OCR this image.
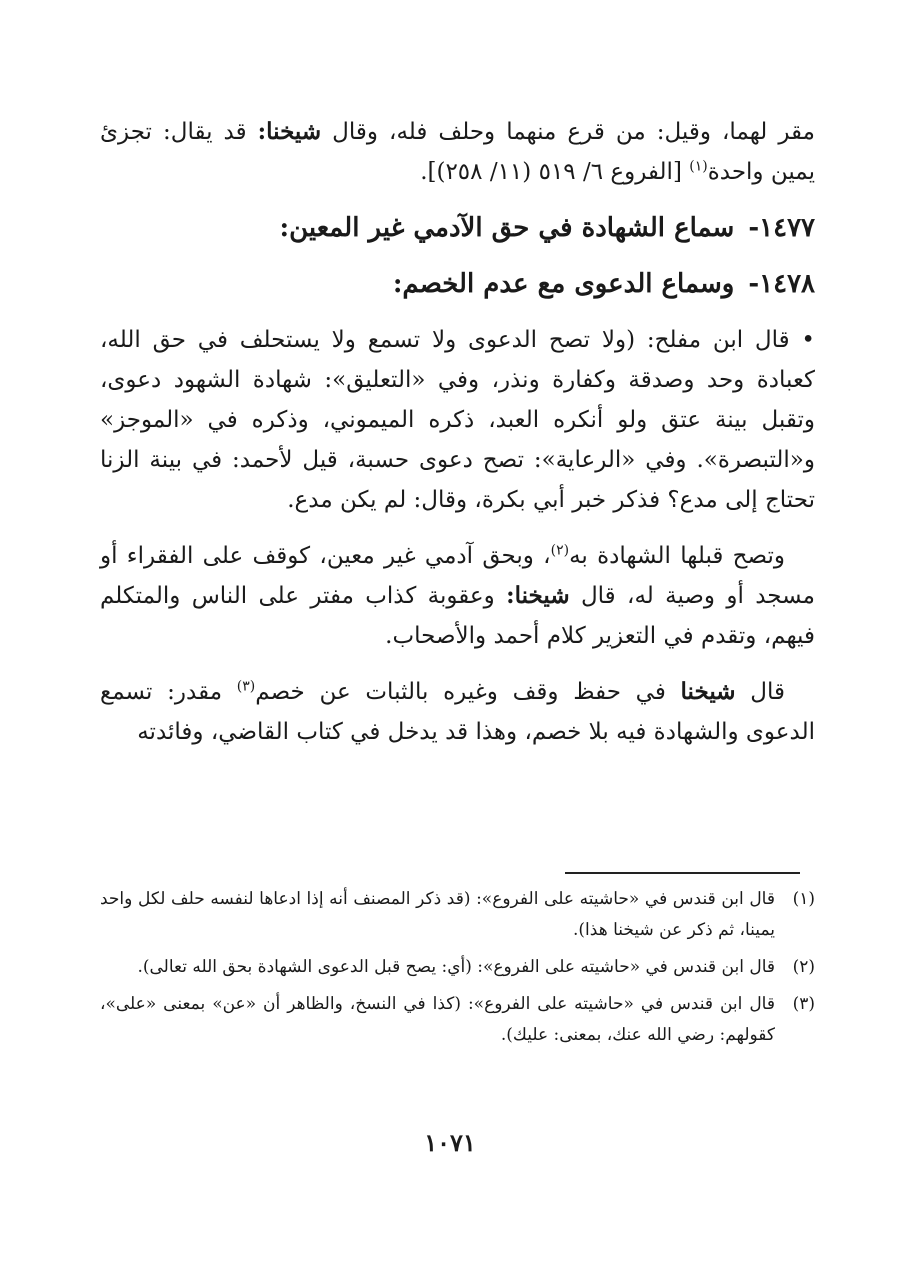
مقر لهما، وقيل: من قرع منهما وحلف فله، وقال شيخنا: قد يقال: تجزئ يمين واحدة$^{(١)}$ [الفروع ٦/ ٥١٩ (١١/ ٢٥٨)].

١٤٧٧-سماع الشهادة في حق الآدمي غير المعين:
١٤٧٨-وسماع الدعوى مع عدم الخصم:

• قال ابن مفلح: (ولا تصح الدعوى ولا تسمع ولا يستحلف في حق الله، كعبادة وحد وصدقة وكفارة ونذر، وفي «التعليق»: شهادة الشهود دعوى، وتقبل بينة عتق ولو أنكره العبد، ذكره الميموني، وذكره في «الموجز» و«التبصرة». وفي «الرعاية»: تصح دعوى حسبة، قيل لأحمد: في بينة الزنا تحتاج إلى مدع؟ فذكر خبر أبي بكرة، وقال: لم يكن مدع.

وتصح قبلها الشهادة به$^{(٢)}$، وبحق آدمي غير معين، كوقف على الفقراء أو مسجد أو وصية له، قال شيخنا: وعقوبة كذاب مفتر على الناس والمتكلم فيهم، وتقدم في التعزير كلام أحمد والأصحاب.

قال شيخنا في حفظ وقف وغيره بالثبات عن خصم$^{(٣)}$ مقدر: تسمع الدعوى والشهادة فيه بلا خصم، وهذا قد يدخل في كتاب القاضي، وفائدته

(١)
قال ابن قندس في «حاشيته على الفروع»: (قد ذكر المصنف أنه إذا ادعاها لنفسه حلف لكل واحد يمينا، ثم ذكر عن شيخنا هذا).
(٢)
قال ابن قندس في «حاشيته على الفروع»: (أي: يصح قبل الدعوى الشهادة بحق الله تعالى).
(٣)
قال ابن قندس في «حاشيته على الفروع»: (كذا في النسخ، والظاهر أن «عن» بمعنى «على»، كقولهم: رضي الله عنك، بمعنى: عليك).
١٠٧١
